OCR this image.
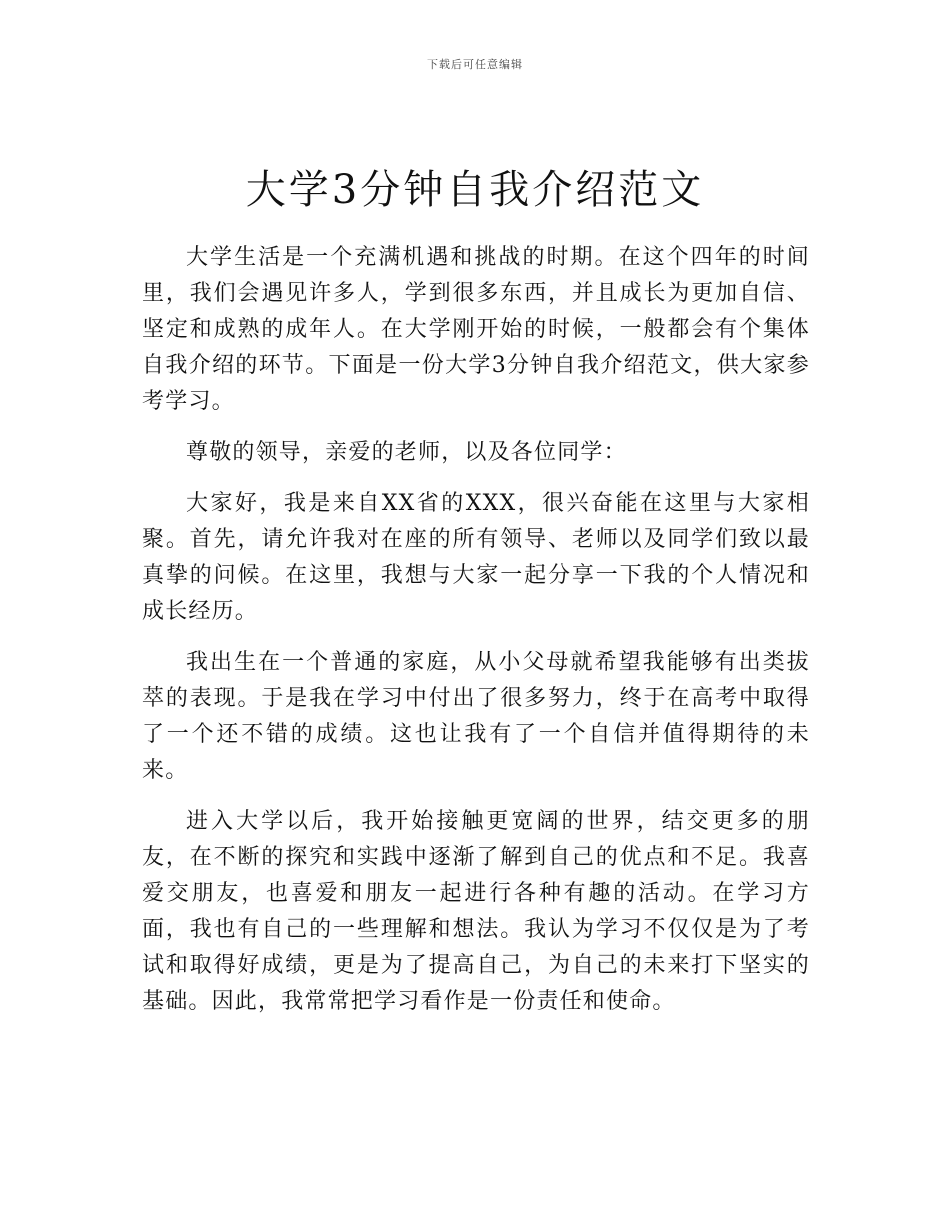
下载后可任意编辑
大学3分钟自我介绍范文

大学生活是一个充满机遇和挑战的时期。在这个四年的时间里，我们会遇见许多人，学到很多东西，并且成长为更加自信、坚定和成熟的成年人。在大学刚开始的时候，一般都会有个集体自我介绍的环节。下面是一份大学3分钟自我介绍范文，供大家参考学习。

尊敬的领导，亲爱的老师，以及各位同学：

大家好，我是来自XX省的XXX，很兴奋能在这里与大家相聚。首先，请允许我对在座的所有领导、老师以及同学们致以最真挚的问候。在这里，我想与大家一起分享一下我的个人情况和成长经历。

我出生在一个普通的家庭，从小父母就希望我能够有出类拔萃的表现。于是我在学习中付出了很多努力，终于在高考中取得了一个还不错的成绩。这也让我有了一个自信并值得期待的未来。

进入大学以后，我开始接触更宽阔的世界，结交更多的朋友，在不断的探究和实践中逐渐了解到自己的优点和不足。我喜爱交朋友，也喜爱和朋友一起进行各种有趣的活动。在学习方面，我也有自己的一些理解和想法。我认为学习不仅仅是为了考试和取得好成绩，更是为了提高自己，为自己的未来打下坚实的基础。因此，我常常把学习看作是一份责任和使命。
